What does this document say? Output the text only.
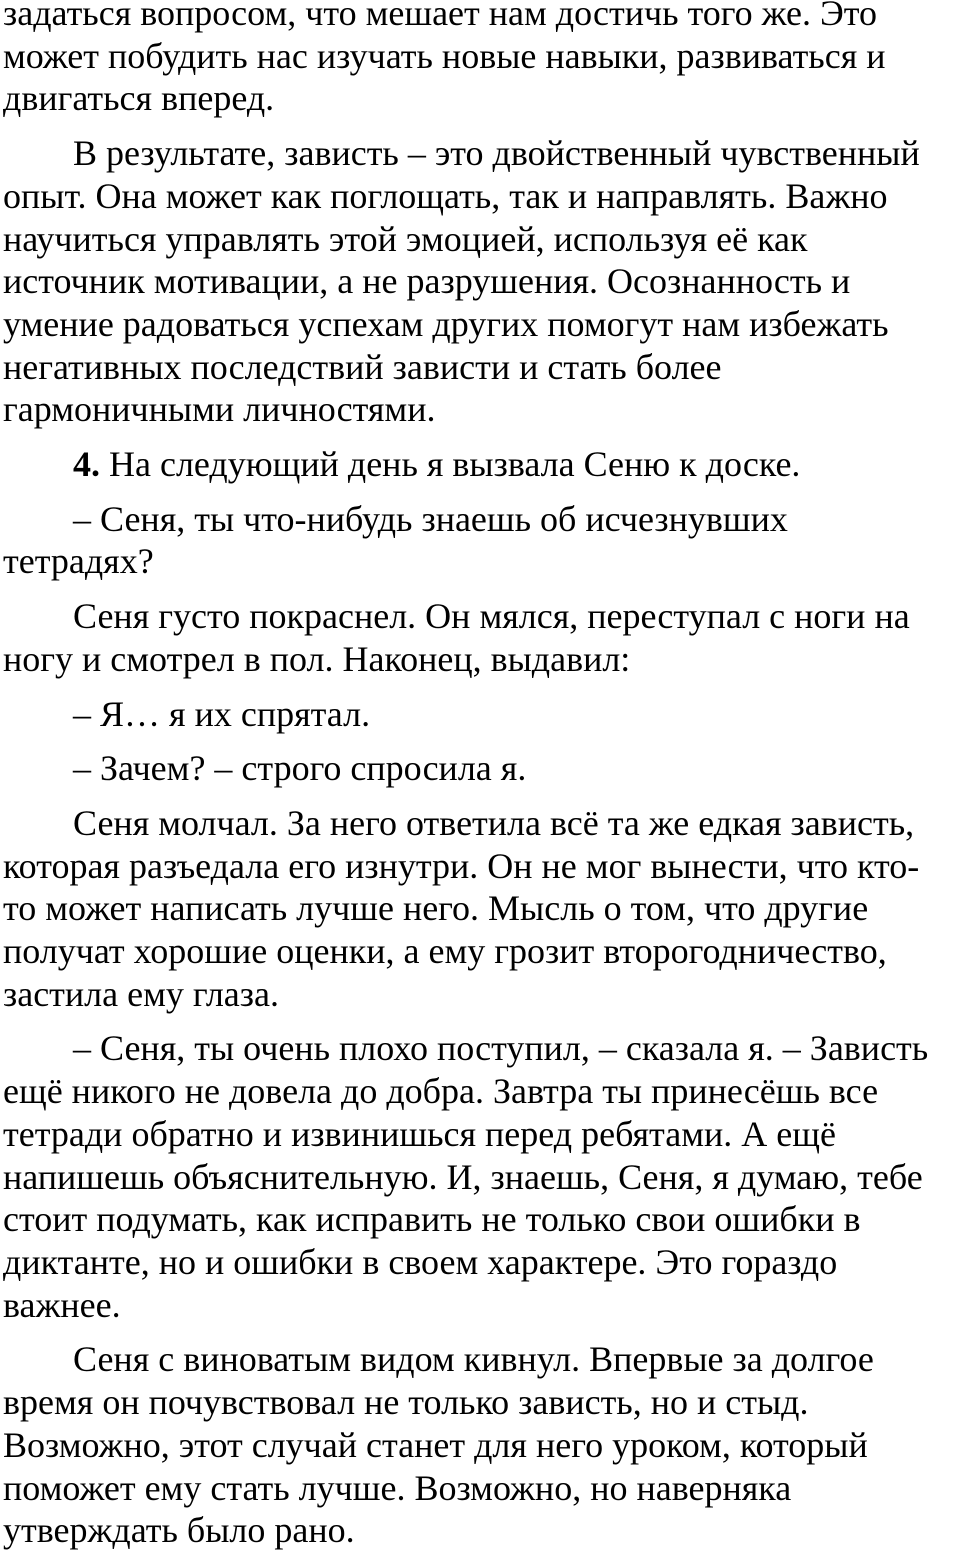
задаться вопросом, что мешает нам достичь того же. Это
может побудить нас изучать новые навыки, развиваться и
двигаться вперед.

В результате, зависть – это двойственный чувственный
опыт. Она может как поглощать, так и направлять. Важно
научиться управлять этой эмоцией, используя её как
источник мотивации, а не разрушения. Осознанность и
умение радоваться успехам других помогут нам избежать
негативных последствий зависти и стать более
гармоничными личностями.

4. На следующий день я вызвала Сеню к доске.

– Сеня, ты что-нибудь знаешь об исчезнувших
тетрадях?

Сеня густо покраснел. Он мялся, переступал с ноги на
ногу и смотрел в пол. Наконец, выдавил:

– Я… я их спрятал.

– Зачем? – строго спросила я.

Сеня молчал. За него ответила всё та же едкая зависть,
которая разъедала его изнутри. Он не мог вынести, что кто-
то может написать лучше него. Мысль о том, что другие
получат хорошие оценки, а ему грозит второгодничество,
застила ему глаза.

– Сеня, ты очень плохо поступил, – сказала я. – Зависть
ещё никого не довела до добра. Завтра ты принесёшь все
тетради обратно и извинишься перед ребятами. А ещё
напишешь объяснительную. И, знаешь, Сеня, я думаю, тебе
стоит подумать, как исправить не только свои ошибки в
диктанте, но и ошибки в своем характере. Это гораздо
важнее.

Сеня с виноватым видом кивнул. Впервые за долгое
время он почувствовал не только зависть, но и стыд.
Возможно, этот случай станет для него уроком, который
поможет ему стать лучше. Возможно, но наверняка
утверждать было рано.
